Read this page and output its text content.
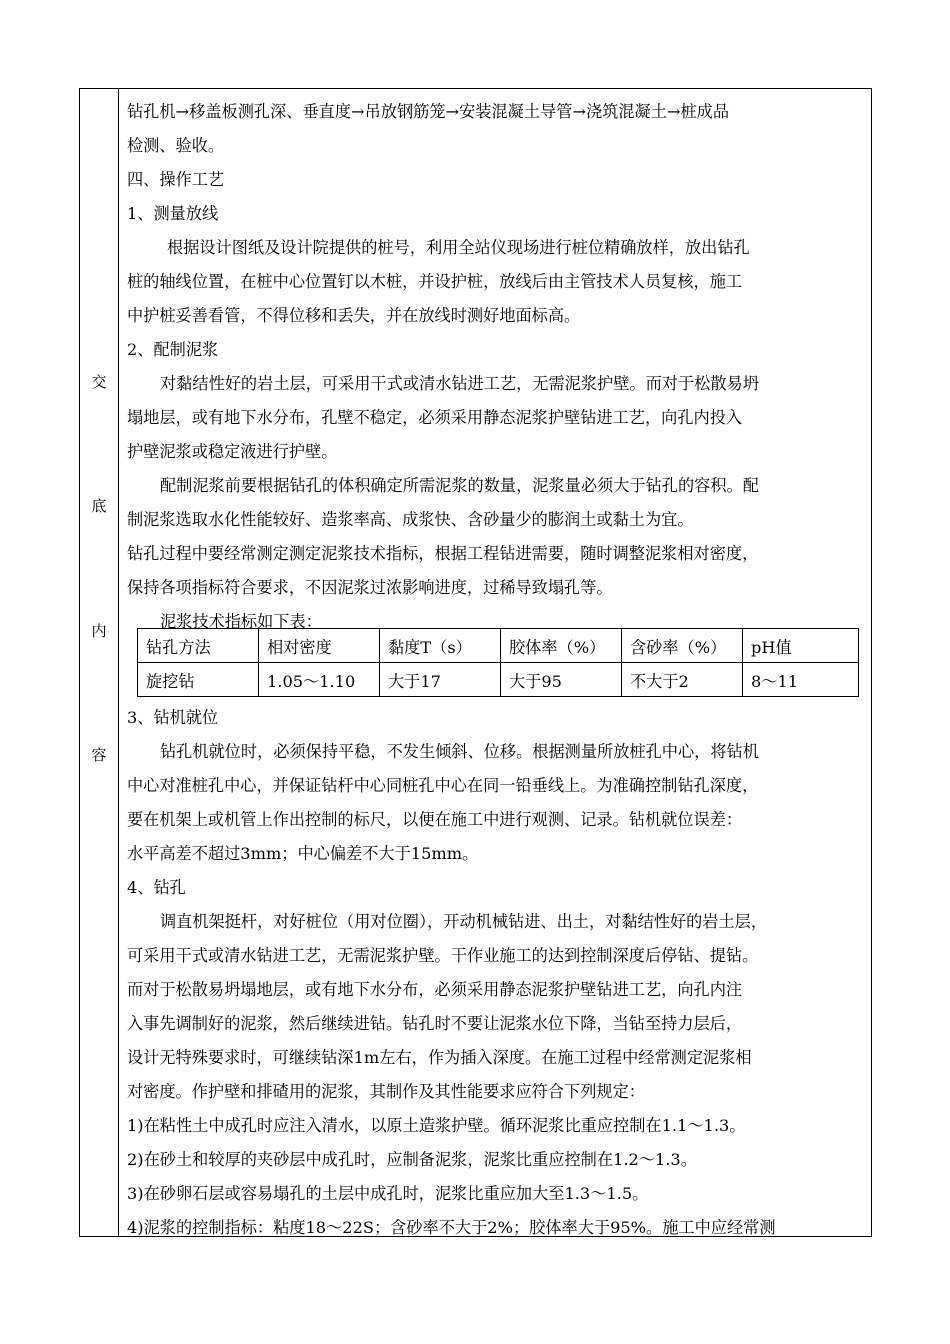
交
底
内
容
钻孔机→移盖板测孔深、垂直度→吊放钢筋笼→安装混凝土导管→浇筑混凝土→桩成品
检测、验收。
四、操作工艺
1、测量放线
根据设计图纸及设计院提供的桩号，利用全站仪现场进行桩位精确放样，放出钻孔
桩的轴线位置，在桩中心位置钉以木桩，并设护桩，放线后由主管技术人员复核，施工
中护桩妥善看管，不得位移和丢失，并在放线时测好地面标高。
2、配制泥浆
对黏结性好的岩土层，可采用干式或清水钻进工艺，无需泥浆护壁。而对于松散易坍
塌地层，或有地下水分布，孔壁不稳定，必须采用静态泥浆护壁钻进工艺，向孔内投入
护壁泥浆或稳定液进行护壁。
配制泥浆前要根据钻孔的体积确定所需泥浆的数量，泥浆量必须大于钻孔的容积。配
制泥浆选取水化性能较好、造浆率高、成浆快、含砂量少的膨润土或黏土为宜。
钻孔过程中要经常测定测定泥浆技术指标，根据工程钻进需要，随时调整泥浆相对密度，
保持各项指标符合要求，不因泥浆过浓影响进度，过稀导致塌孔等。
泥浆技术指标如下表：
钻孔方法	相对密度	黏度T（s）	胶体率（%）	含砂率（%）	pH值
旋挖钻	1.05～1.10	大于17	大于95	不大于2	8～11
3、钻机就位
钻孔机就位时，必须保持平稳，不发生倾斜、位移。根据测量所放桩孔中心，将钻机
中心对准桩孔中心，并保证钻杆中心同桩孔中心在同一铅垂线上。为准确控制钻孔深度，
要在机架上或机管上作出控制的标尺，以便在施工中进行观测、记录。钻机就位误差：
水平高差不超过3mm；中心偏差不大于15mm。
4、钻孔
调直机架挺杆，对好桩位（用对位圈），开动机械钻进、出土，对黏结性好的岩土层，
可采用干式或清水钻进工艺，无需泥浆护壁。干作业施工的达到控制深度后停钻、提钻。
而对于松散易坍塌地层，或有地下水分布，必须采用静态泥浆护壁钻进工艺，向孔内注
入事先调制好的泥浆，然后继续进钻。钻孔时不要让泥浆水位下降，当钻至持力层后，
设计无特殊要求时，可继续钻深1m左右，作为插入深度。在施工过程中经常测定泥浆相
对密度。作护壁和排碴用的泥浆，其制作及其性能要求应符合下列规定：
1)在粘性土中成孔时应注入清水，以原土造浆护壁。循环泥浆比重应控制在1.1～1.3。
2)在砂土和较厚的夹砂层中成孔时，应制备泥浆，泥浆比重应控制在1.2～1.3。
3)在砂卵石层或容易塌孔的土层中成孔时，泥浆比重应加大至1.3～1.5。
4)泥浆的控制指标：粘度18～22S；含砂率不大于2%；胶体率大于95%。施工中应经常测
